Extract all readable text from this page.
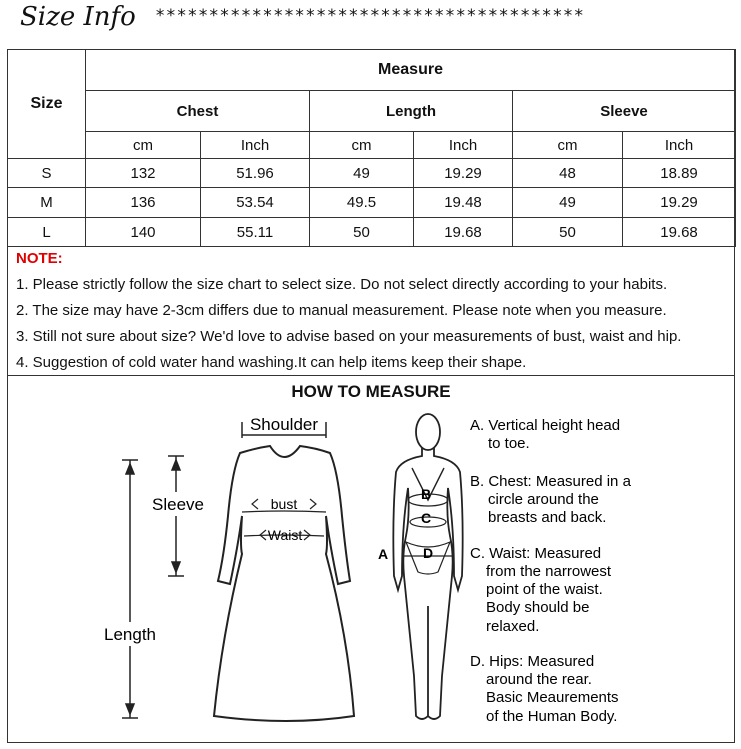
Size Info ****************************************
Size	Measure					
	Chest		Length		Sleeve	
	cm	Inch	cm	Inch	cm	Inch
S	132	51.96	49	19.29	48	18.89
M	136	53.54	49.5	19.48	49	19.29
L	140	55.11	50	19.68	50	19.68
NOTE:
1. Please strictly follow the size chart to select size. Do not select directly according to your habits.
2. The size may have 2-3cm differs due to manual measurement. Please note when you measure.
3. Still not sure about size? We'd love to advise based on your measurements of bust, waist and hip.
4. Suggestion of cold water hand washing.It can help items keep their shape.
HOW TO MEASURE
Shoulder
Sleeve
Length
bust
Waist
B
C
D
A
A. Vertical height head
to toe.
B. Chest: Measured in a
circle around the
breasts and back.
C. Waist: Measured
from the narrowest
point of the waist.
Body should be
relaxed.
D. Hips: Measured
around the rear.
Basic Meaurements
of the Human Body.
